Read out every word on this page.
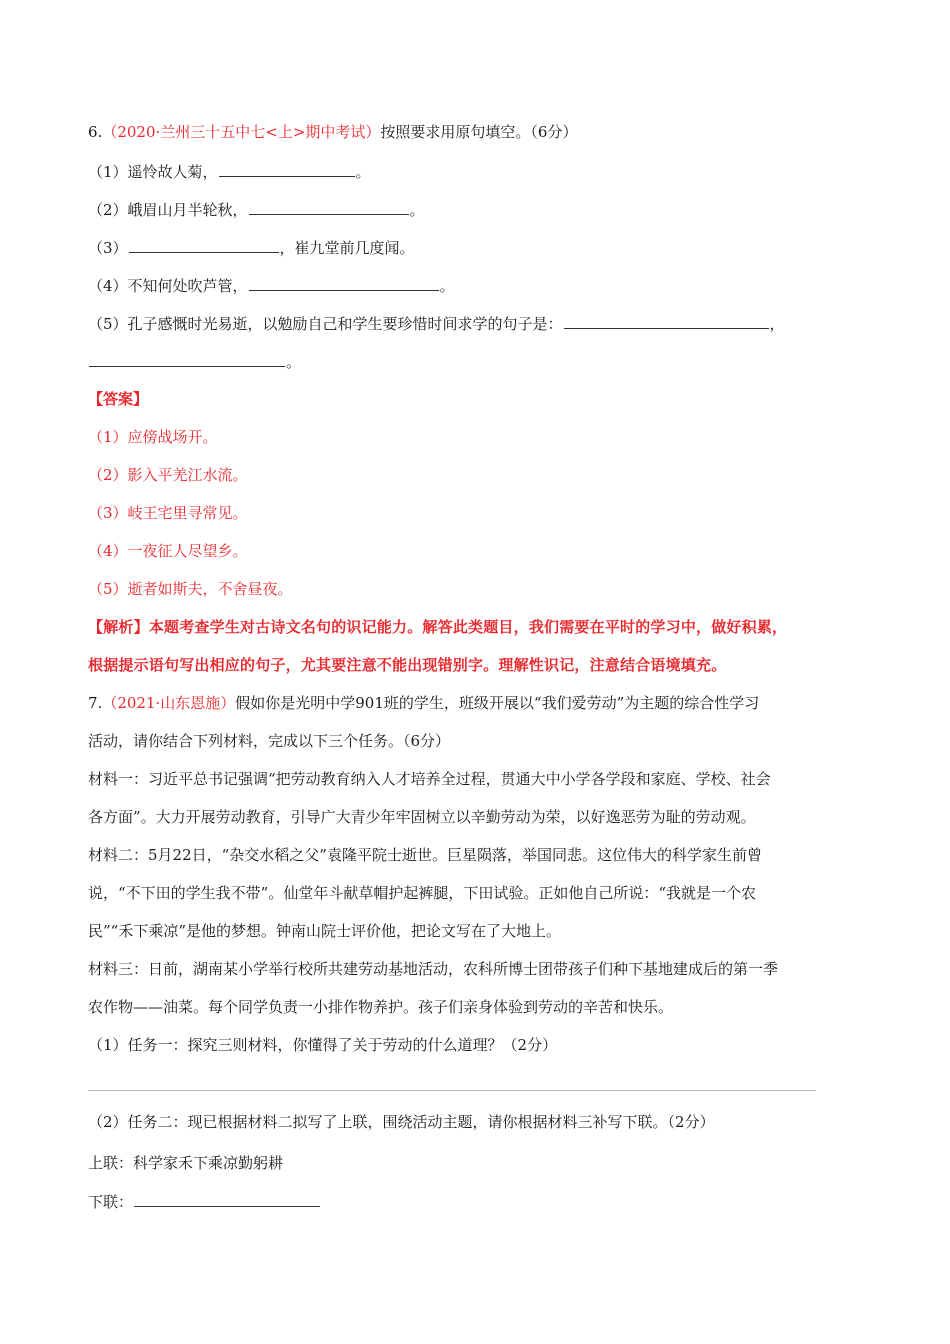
6.（2020·兰州三十五中七<上>期中考试）按照要求用原句填空。（6分）
（1）遥怜故人菊，	。
（2）峨眉山月半轮秋，	。
（3）	，崔九堂前几度闻。
（4）不知何处吹芦管，	。
（5）孔子感慨时光易逝，以勉励自己和学生要珍惜时间求学的句子是：	，
。
【答案】
（1）应傍战场开。
（2）影入平羌江水流。
（3）岐王宅里寻常见。
（4）一夜征人尽望乡。
（5）逝者如斯夫，不舍昼夜。
【解析】本题考查学生对古诗文名句的识记能力。解答此类题目，我们需要在平时的学习中，做好积累，
根据提示语句写出相应的句子，尤其要注意不能出现错别字。理解性识记，注意结合语境填充。
7.（2021·山东恩施）假如你是光明中学901班的学生，班级开展以“我们爱劳动”为主题的综合性学习
活动，请你结合下列材料，完成以下三个任务。（6分）
材料一：习近平总书记强调“把劳动教育纳入人才培养全过程，贯通大中小学各学段和家庭、学校、社会
各方面”。大力开展劳动教育，引导广大青少年牢固树立以辛勤劳动为荣，以好逸恶劳为耻的劳动观。
材料二：5月22日，“杂交水稻之父”袁隆平院士逝世。巨星陨落，举国同悲。这位伟大的科学家生前曾
说，“不下田的学生我不带”。仙堂年斗献草帽护起裤腿，下田试验。正如他自己所说：“我就是一个农
民”“禾下乘凉”是他的梦想。钟南山院士评价他，把论文写在了大地上。
材料三：日前，湖南某小学举行校所共建劳动基地活动，农科所博士团带孩子们种下基地建成后的第一季
农作物——油菜。每个同学负责一小排作物养护。孩子们亲身体验到劳动的辛苦和快乐。
（1）任务一：探究三则材料，你懂得了关于劳动的什么道理？（2分）
（2）任务二：现已根据材料二拟写了上联，围绕活动主题，请你根据材料三补写下联。（2分）
上联：科学家禾下乘凉勤躬耕
下联：
